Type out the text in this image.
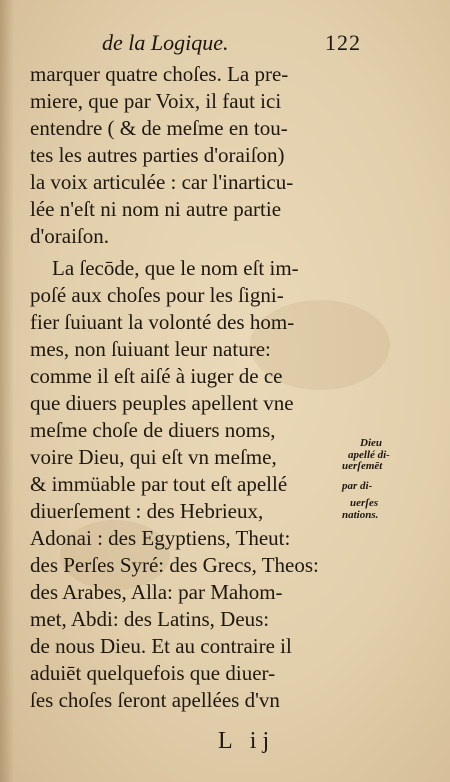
de la Logique.	122
marquer quatre choſes. La pre-
miere, que par Voix, il faut ici
entendre ( & de meſme en tou-
tes les autres parties d'oraiſon)
la voix articulée : car l'inarticu-
lée n'eſt ni nom ni autre partie
d'oraiſon.
La ſecōde, que le nom eſt im-
poſé aux choſes pour les ſigni-
fier ſuiuant la volonté des hom-
mes, non ſuiuant leur nature:
comme il eſt aiſé à iuger de ce
que diuers peuples apellent vne
meſme choſe de diuers noms,
voire Dieu, qui eſt vn meſme,
& immüable par tout eſt apellé
diuerſement : des Hebrieux,
Adonai : des Egyptiens, Theut:
des Perſes Syré: des Grecs, Theos:
des Arabes, Alla: par Mahom-
met, Abdi: des Latins, Deus:
de nous Dieu. Et au contraire il
aduiēt quelquefois que diuer-
ſes choſes ſeront apellées d'vn
Dieu
apellé di-
uerſemēt
par di-
uerſes
nations.
L ij
